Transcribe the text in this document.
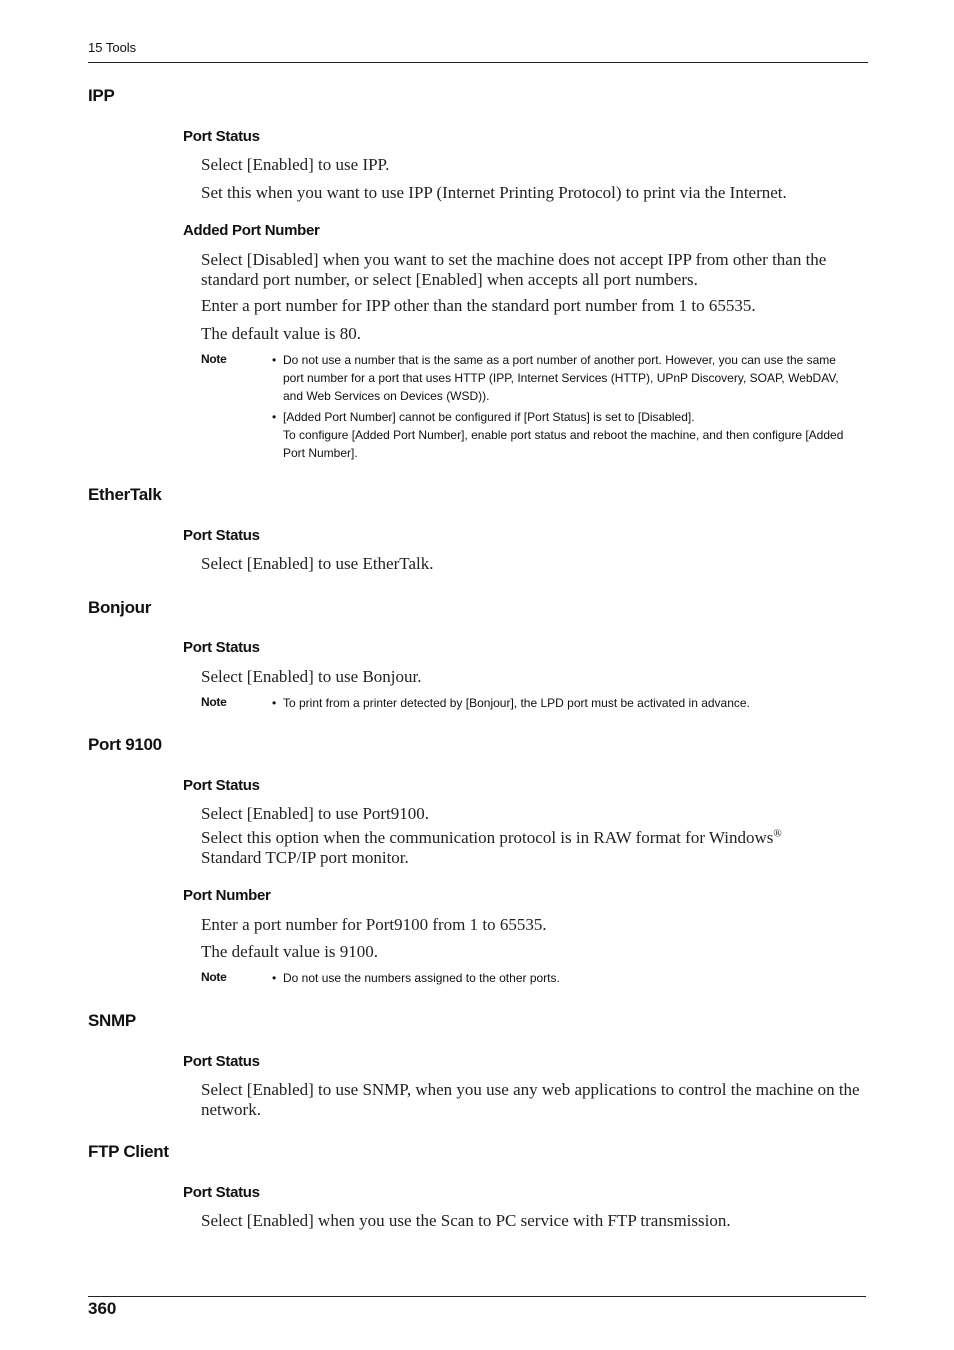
15 Tools
IPP
Port Status
Select [Enabled] to use IPP.
Set this when you want to use IPP (Internet Printing Protocol) to print via the Internet.
Added Port Number
Select [Disabled] when you want to set the machine does not accept IPP from other than the standard port number, or select [Enabled] when accepts all port numbers.
Enter a port number for IPP other than the standard port number from 1 to 65535.
The default value is 80.
Note	• Do not use a number that is the same as a port number of another port. However, you can use the same port number for a port that uses HTTP (IPP, Internet Services (HTTP), UPnP Discovery, SOAP, WebDAV, and Web Services on Devices (WSD)).
• [Added Port Number] cannot be configured if [Port Status] is set to [Disabled].
To configure [Added Port Number], enable port status and reboot the machine, and then configure [Added Port Number].
EtherTalk
Port Status
Select [Enabled] to use EtherTalk.
Bonjour
Port Status
Select [Enabled] to use Bonjour.
Note	• To print from a printer detected by [Bonjour], the LPD port must be activated in advance.
Port 9100
Port Status
Select [Enabled] to use Port9100.
Select this option when the communication protocol is in RAW format for Windows®
Standard TCP/IP port monitor.
Port Number
Enter a port number for Port9100 from 1 to 65535.
The default value is 9100.
Note	• Do not use the numbers assigned to the other ports.
SNMP
Port Status
Select [Enabled] to use SNMP, when you use any web applications to control the machine on the network.
FTP Client
Port Status
Select [Enabled] when you use the Scan to PC service with FTP transmission.
360
